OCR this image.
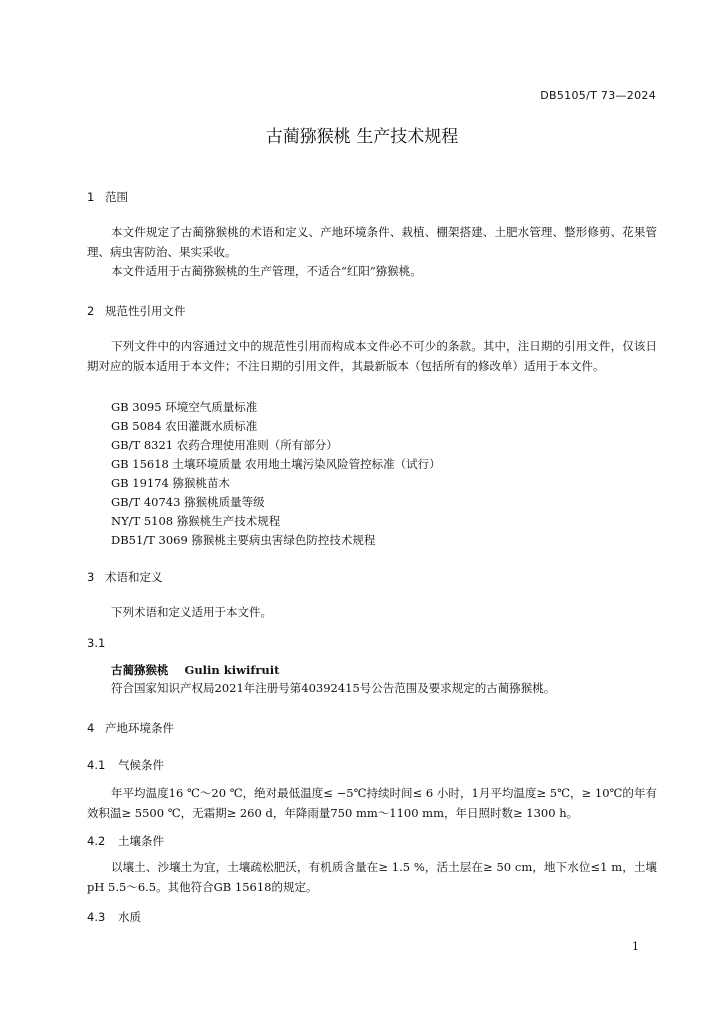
DB5105/T 73—2024
古蔺猕猴桃 生产技术规程
1 范围
本文件规定了古蔺猕猴桃的术语和定义、产地环境条件、栽植、棚架搭建、土肥水管理、整形修剪、花果管理、病虫害防治、果实采收。
本文件适用于古蔺猕猴桃的生产管理，不适合“红阳”猕猴桃。
2 规范性引用文件
下列文件中的内容通过文中的规范性引用而构成本文件必不可少的条款。其中，注日期的引用文件，仅该日期对应的版本适用于本文件；不注日期的引用文件，其最新版本（包括所有的修改单）适用于本文件。
GB 3095 环境空气质量标准
GB 5084 农田灌溉水质标准
GB/T 8321 农药合理使用准则（所有部分）
GB 15618 土壤环境质量 农用地土壤污染风险管控标准（试行）
GB 19174 猕猴桃苗木
GB/T 40743 猕猴桃质量等级
NY/T 5108 猕猴桃生产技术规程
DB51/T 3069 猕猴桃主要病虫害绿色防控技术规程
3 术语和定义
下列术语和定义适用于本文件。
3.1
古蔺猕猴桃 Gulin kiwifruit
符合国家知识产权局2021年注册号第40392415号公告范围及要求规定的古蔺猕猴桃。
4 产地环境条件
4.1 气候条件
年平均温度16 ℃～20 ℃，绝对最低温度≤ −5℃持续时间≤ 6 小时，1月平均温度≥ 5℃，≥ 10℃的年有效积温≥ 5500 ℃，无霜期≥ 260 d，年降雨量750 mm～1100 mm，年日照时数≥ 1300 h。
4.2 土壤条件
以壤土、沙壤土为宜，土壤疏松肥沃，有机质含量在≥ 1.5 %，活土层在≥ 50 cm，地下水位≤1 m，土壤pH 5.5～6.5。其他符合GB 15618的规定。
4.3 水质
1
